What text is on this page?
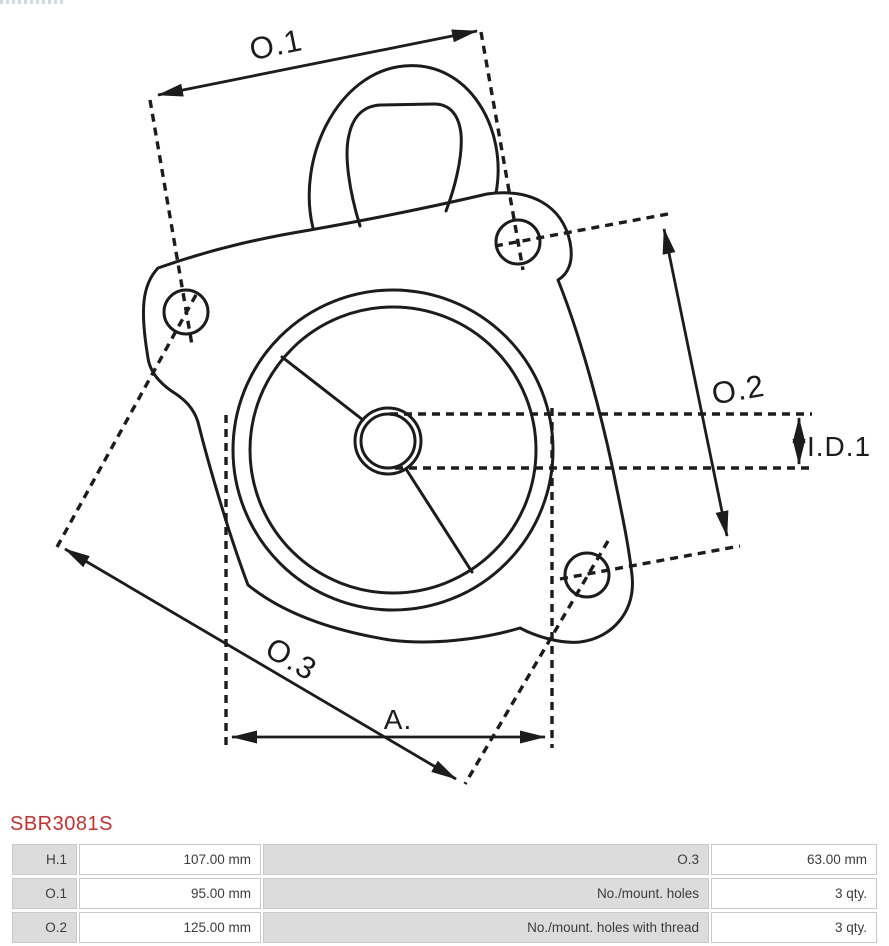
O.1
O.2
O.3
A.
I.D.1
SBR3081S
H.1	107.00 mm	O.3	63.00 mm
O.1	95.00 mm	No./mount. holes	3 qty.
O.2	125.00 mm	No./mount. holes with thread	3 qty.
